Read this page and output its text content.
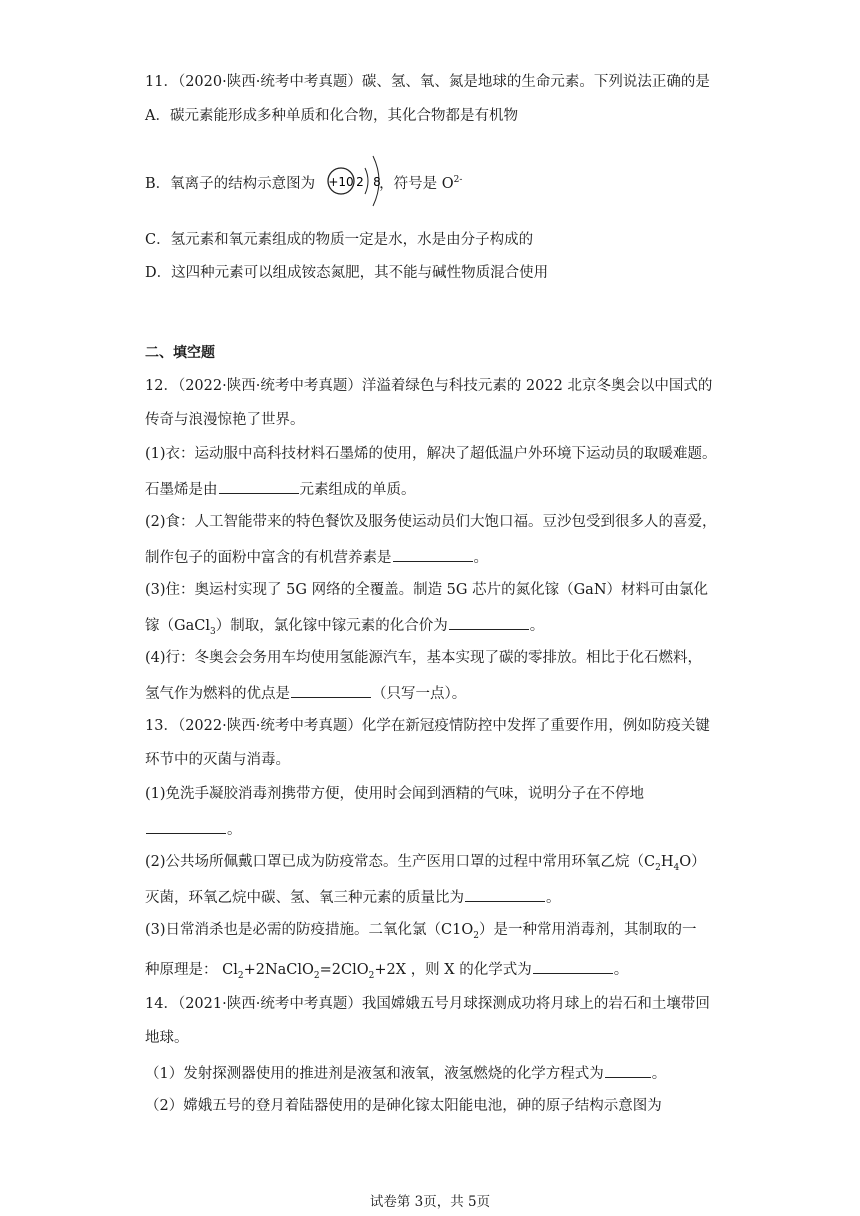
11．（2020·陕西·统考中考真题）碳、氢、氧、氮是地球的生命元素。下列说法正确的是
A．碳元素能形成多种单质和化合物，其化合物都是有机物
B．氧离子的结构示意图为	，符号是 $O^{2-}$
+10 2 8
C．氢元素和氧元素组成的物质一定是水，水是由分子构成的
D．这四种元素可以组成铵态氮肥，其不能与碱性物质混合使用
二、填空题
12．（2022·陕西·统考中考真题）洋溢着绿色与科技元素的 2022 北京冬奥会以中国式的
传奇与浪漫惊艳了世界。
(1)衣：运动服中高科技材料石墨烯的使用，解决了超低温户外环境下运动员的取暖难题。
石墨烯是由	元素组成的单质。
(2)食：人工智能带来的特色餐饮及服务使运动员们大饱口福。豆沙包受到很多人的喜爱，
制作包子的面粉中富含的有机营养素是	。
(3)住：奥运村实现了 5G 网络的全覆盖。制造 5G 芯片的氮化镓（GaN）材料可由氯化
镓（GaCl$_3$）制取，氯化镓中镓元素的化合价为	。
(4)行：冬奥会会务用车均使用氢能源汽车，基本实现了碳的零排放。相比于化石燃料，
氢气作为燃料的优点是	（只写一点）。
13．（2022·陕西·统考中考真题）化学在新冠疫情防控中发挥了重要作用，例如防疫关键
环节中的灭菌与消毒。
(1)免洗手凝胶消毒剂携带方便，使用时会闻到酒精的气味，说明分子在不停地
。
(2)公共场所佩戴口罩已成为防疫常态。生产医用口罩的过程中常用环氧乙烷$(C_2H_4O)$
灭菌，环氧乙烷中碳、氢、氧三种元素的质量比为	。
(3)日常消杀也是必需的防疫措施。二氧化氯$(C1O_2)$是一种常用消毒剂，其制取的一
种原理是： $Cl_2+2NaClO_2=2ClO_2+2X$ ，则 X 的化学式为	。
14．（2021·陕西·统考中考真题）我国嫦娥五号月球探测成功将月球上的岩石和土壤带回
地球。
（1）发射探测器使用的推进剂是液氢和液氧，液氢燃烧的化学方程式为	。
（2）嫦娥五号的登月着陆器使用的是砷化镓太阳能电池，砷的原子结构示意图为
试卷第 3页，共 5页
